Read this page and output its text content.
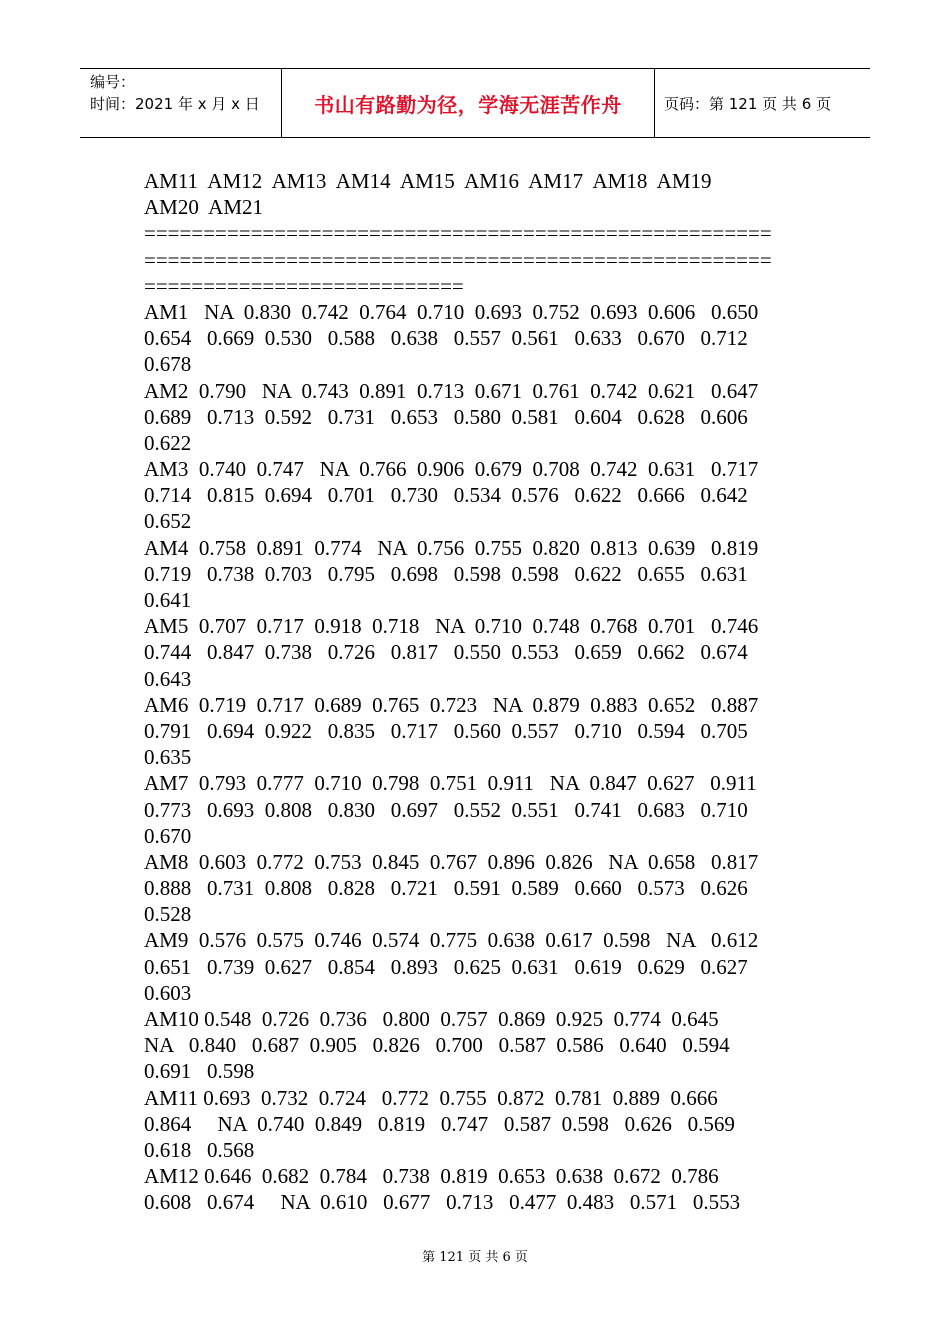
编号：
时间：2021 年 x 月 x 日	书山有路勤为径，学海无涯苦作舟	页码：第 121 页 共 6 页
AM11  AM12  AM13  AM14  AM15  AM16  AM17  AM18  AM19
AM20  AM21
=====================================================
=====================================================
===========================
AM1   NA  0.830  0.742  0.764  0.710  0.693  0.752  0.693  0.606   0.650
0.654   0.669  0.530   0.588   0.638   0.557  0.561   0.633   0.670   0.712
0.678
AM2  0.790   NA  0.743  0.891  0.713  0.671  0.761  0.742  0.621   0.647
0.689   0.713  0.592   0.731   0.653   0.580  0.581   0.604   0.628   0.606
0.622
AM3  0.740  0.747   NA  0.766  0.906  0.679  0.708  0.742  0.631   0.717
0.714   0.815  0.694   0.701   0.730   0.534  0.576   0.622   0.666   0.642
0.652
AM4  0.758  0.891  0.774   NA  0.756  0.755  0.820  0.813  0.639   0.819
0.719   0.738  0.703   0.795   0.698   0.598  0.598   0.622   0.655   0.631
0.641
AM5  0.707  0.717  0.918  0.718   NA  0.710  0.748  0.768  0.701   0.746
0.744   0.847  0.738   0.726   0.817   0.550  0.553   0.659   0.662   0.674
0.643
AM6  0.719  0.717  0.689  0.765  0.723   NA  0.879  0.883  0.652   0.887
0.791   0.694  0.922   0.835   0.717   0.560  0.557   0.710   0.594   0.705
0.635
AM7  0.793  0.777  0.710  0.798  0.751  0.911   NA  0.847  0.627   0.911
0.773   0.693  0.808   0.830   0.697   0.552  0.551   0.741   0.683   0.710
0.670
AM8  0.603  0.772  0.753  0.845  0.767  0.896  0.826   NA  0.658   0.817
0.888   0.731  0.808   0.828   0.721   0.591  0.589   0.660   0.573   0.626
0.528
AM9  0.576  0.575  0.746  0.574  0.775  0.638  0.617  0.598   NA   0.612
0.651   0.739  0.627   0.854   0.893   0.625  0.631   0.619   0.629   0.627
0.603
AM10 0.548  0.726  0.736   0.800  0.757  0.869  0.925  0.774  0.645
NA   0.840   0.687  0.905   0.826   0.700   0.587  0.586   0.640   0.594
0.691   0.598
AM11 0.693  0.732  0.724   0.772  0.755  0.872  0.781  0.889  0.666
0.864     NA  0.740  0.849   0.819   0.747   0.587  0.598   0.626   0.569
0.618   0.568
AM12 0.646  0.682  0.784   0.738  0.819  0.653  0.638  0.672  0.786
0.608   0.674     NA  0.610   0.677   0.713   0.477  0.483   0.571   0.553
第 121 页 共 6 页
